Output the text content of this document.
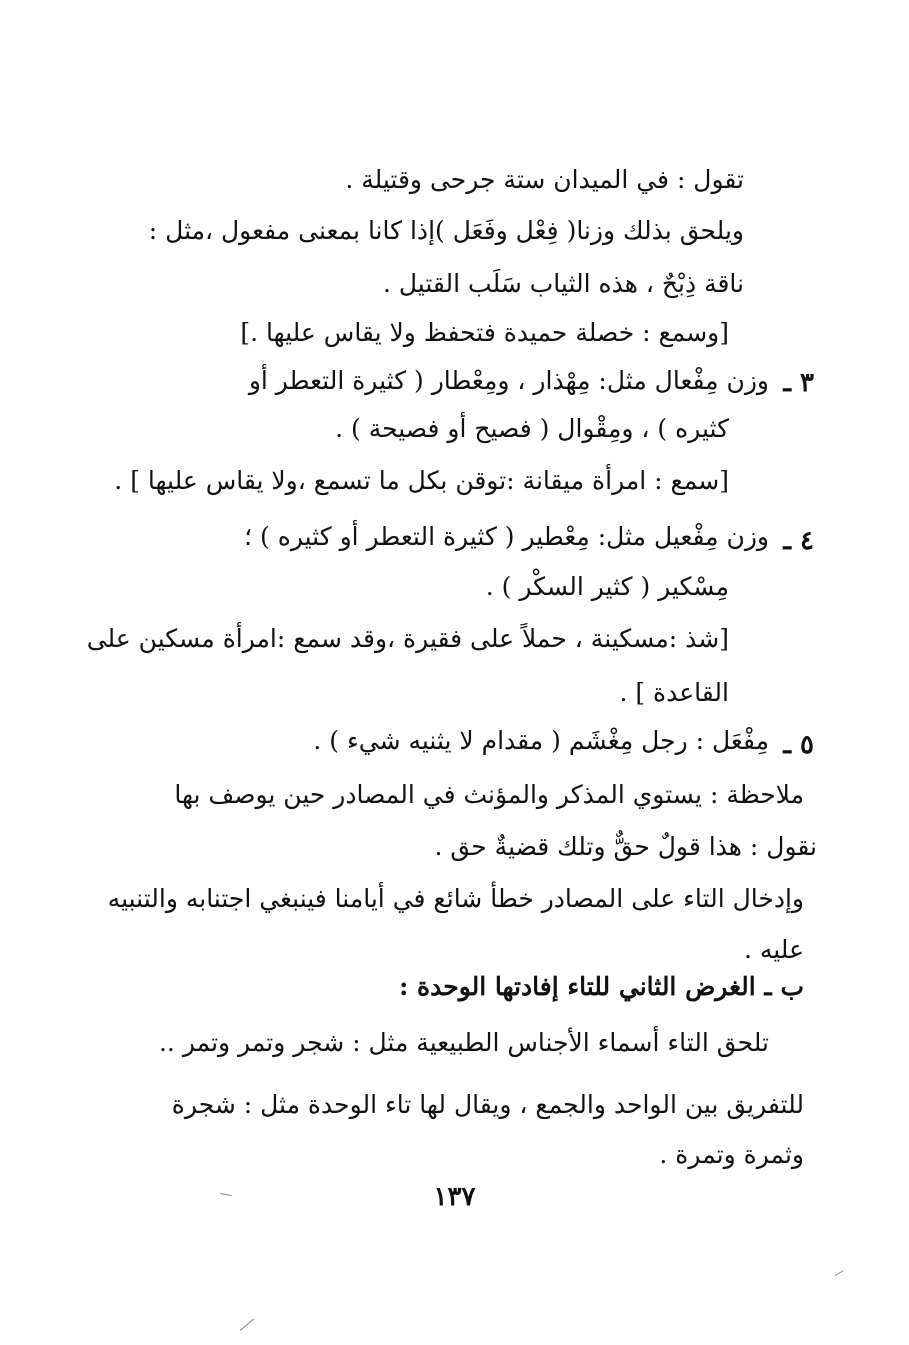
تقول : في الميدان ستة جرحى وقتيلة .
ويلحق بذلك وزنا( فِعْل وفَعَل )إذا كانا بمعنى مفعول ،مثل :
ناقة ذِبْحٌ ، هذه الثياب سَلَب القتيل .
[وسمع : خصلة حميدة فتحفظ ولا يقاس عليها .]
٣ ـ
وزن مِفْعال مثل: مِهْذار ، ومِعْطار ( كثيرة التعطر أو
كثيره ) ، ومِقْوال ( فصيح أو فصيحة ) .
[سمع : امرأة ميقانة :توقن بكل ما تسمع ،ولا يقاس عليها ] .
٤ ـ
وزن مِفْعيل مثل: مِعْطير ( كثيرة التعطر أو كثيره ) ؛
مِسْكير ( كثير السكْر ) .
[شذ :مسكينة ، حملاً على فقيرة ،وقد سمع :امرأة مسكين على
القاعدة ] .
٥ ـ
مِفْعَل : رجل مِغْشَم ( مقدام لا يثنيه شيء ) .
ملاحظة : يستوي المذكر والمؤنث في المصادر حين يوصف بها
نقول : هذا قولٌ حقٌّ وتلك قضيةٌ حق .
وإدخال التاء على المصادر خطأ شائع في أيامنا فينبغي اجتنابه والتنبيه
عليه .
ب ـ الغرض الثاني للتاء إفادتها الوحدة :
تلحق التاء أسماء الأجناس الطبيعية مثل : شجر وتمر وتمر ..
للتفريق بين الواحد والجمع ، ويقال لها تاء الوحدة مثل : شجرة
وثمرة وتمرة .
١٣٧
